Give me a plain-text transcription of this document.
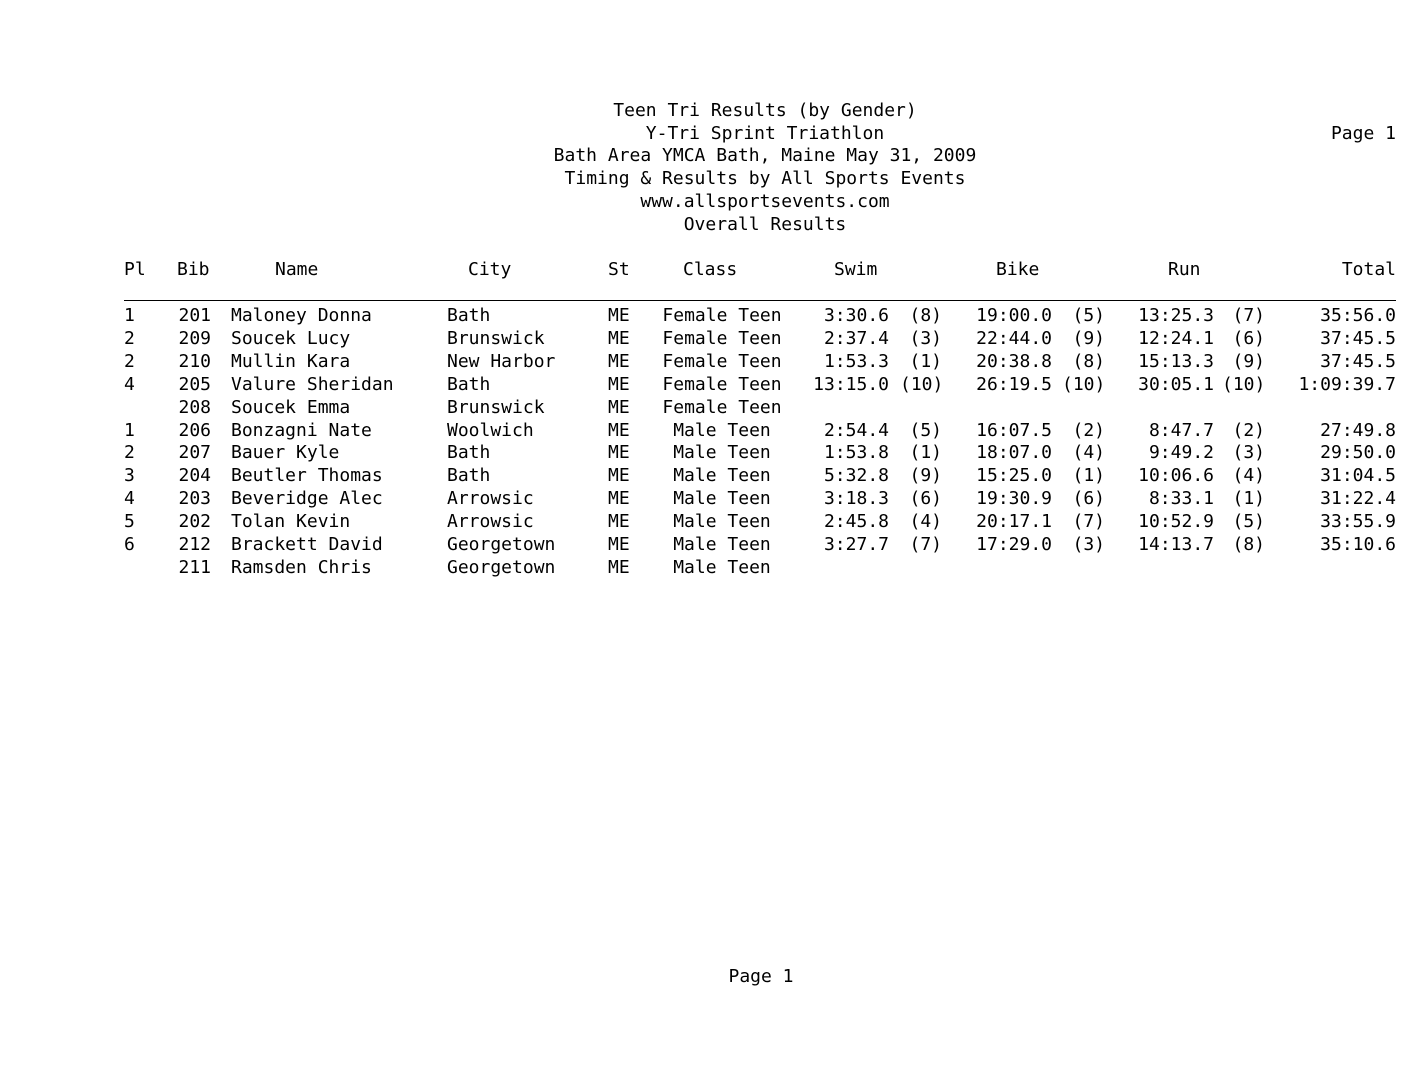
Teen Tri Results (by Gender)
Y-Tri Sprint Triathlon
Bath Area YMCA Bath, Maine May 31, 2009
Timing & Results by All Sports Events
www.allsportsevents.com
Overall Results
Page 1
Pl Bib	Name	City	St	Class	Swim	Bike	Run	Total
1	201 Maloney Donna	Bath	ME	Female Teen	3:30.6	(8)	19:00.0	(5)	13:25.3	(7)	35:56.0
2	209 Soucek Lucy	Brunswick	ME	Female Teen	2:37.4	(3)	22:44.0	(9)	12:24.1	(6)	37:45.5
2	210 Mullin Kara	New Harbor	ME	Female Teen	1:53.3	(1)	20:38.8	(8)	15:13.3	(9)	37:45.5
4	205 Valure Sheridan	Bath	ME	Female Teen	13:15.0 (10)	26:19.5 (10)	30:05.1 (10)	1:09:39.7
208 Soucek Emma	Brunswick	ME	Female Teen
1	206 Bonzagni Nate	Woolwich	ME	Male Teen	2:54.4	(5)	16:07.5	(2)	8:47.7	(2)	27:49.8
2	207 Bauer Kyle	Bath	ME	Male Teen	1:53.8	(1)	18:07.0	(4)	9:49.2	(3)	29:50.0
3	204 Beutler Thomas	Bath	ME	Male Teen	5:32.8	(9)	15:25.0	(1)	10:06.6	(4)	31:04.5
4	203 Beveridge Alec	Arrowsic	ME	Male Teen	3:18.3	(6)	19:30.9	(6)	8:33.1	(1)	31:22.4
5	202 Tolan Kevin	Arrowsic	ME	Male Teen	2:45.8	(4)	20:17.1	(7)	10:52.9	(5)	33:55.9
6	212 Brackett David	Georgetown	ME	Male Teen	3:27.7	(7)	17:29.0	(3)	14:13.7	(8)	35:10.6
211 Ramsden Chris	Georgetown	ME	Male Teen
Page 1
